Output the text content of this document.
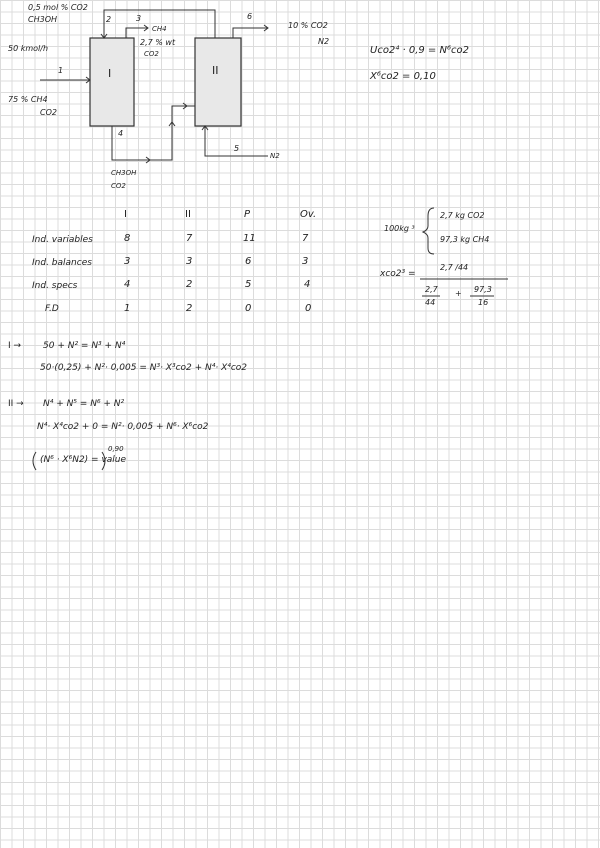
0,5 mol % CO2
CH3OH
50 kmol/h
75 % CH4
CO2
1
2	3
4
5
6
I	II
CH4
2,7 % wt
CO2
CH3OH
CO2
N2
10 % CO2
N2
Uco2⁴ · 0,9 = N⁶co2
X⁶co2 = 0,10
I	II	P	Ov.
Ind. variables	8	7	11	7
Ind. balances	3	3	6	3
Ind. specs	4	2	5	4
F.D	1	2	0	0
100kg ³
2,7 kg CO2
97,3 kg CH4
xco2³ =
2,7 /44
2,7
44
+ 97,3
16
I → 50 + N² = N³ + N⁴
50·(0,25) + N²· 0,005 = N³· X³co2 + N⁴· X⁴co2
II → N⁴ + N⁵ = N⁶ + N²
N⁴· X⁴co2 + 0 = N²· 0,005 + N⁶· X⁶co2
(N⁶ · X⁶N2) = value
0,90
